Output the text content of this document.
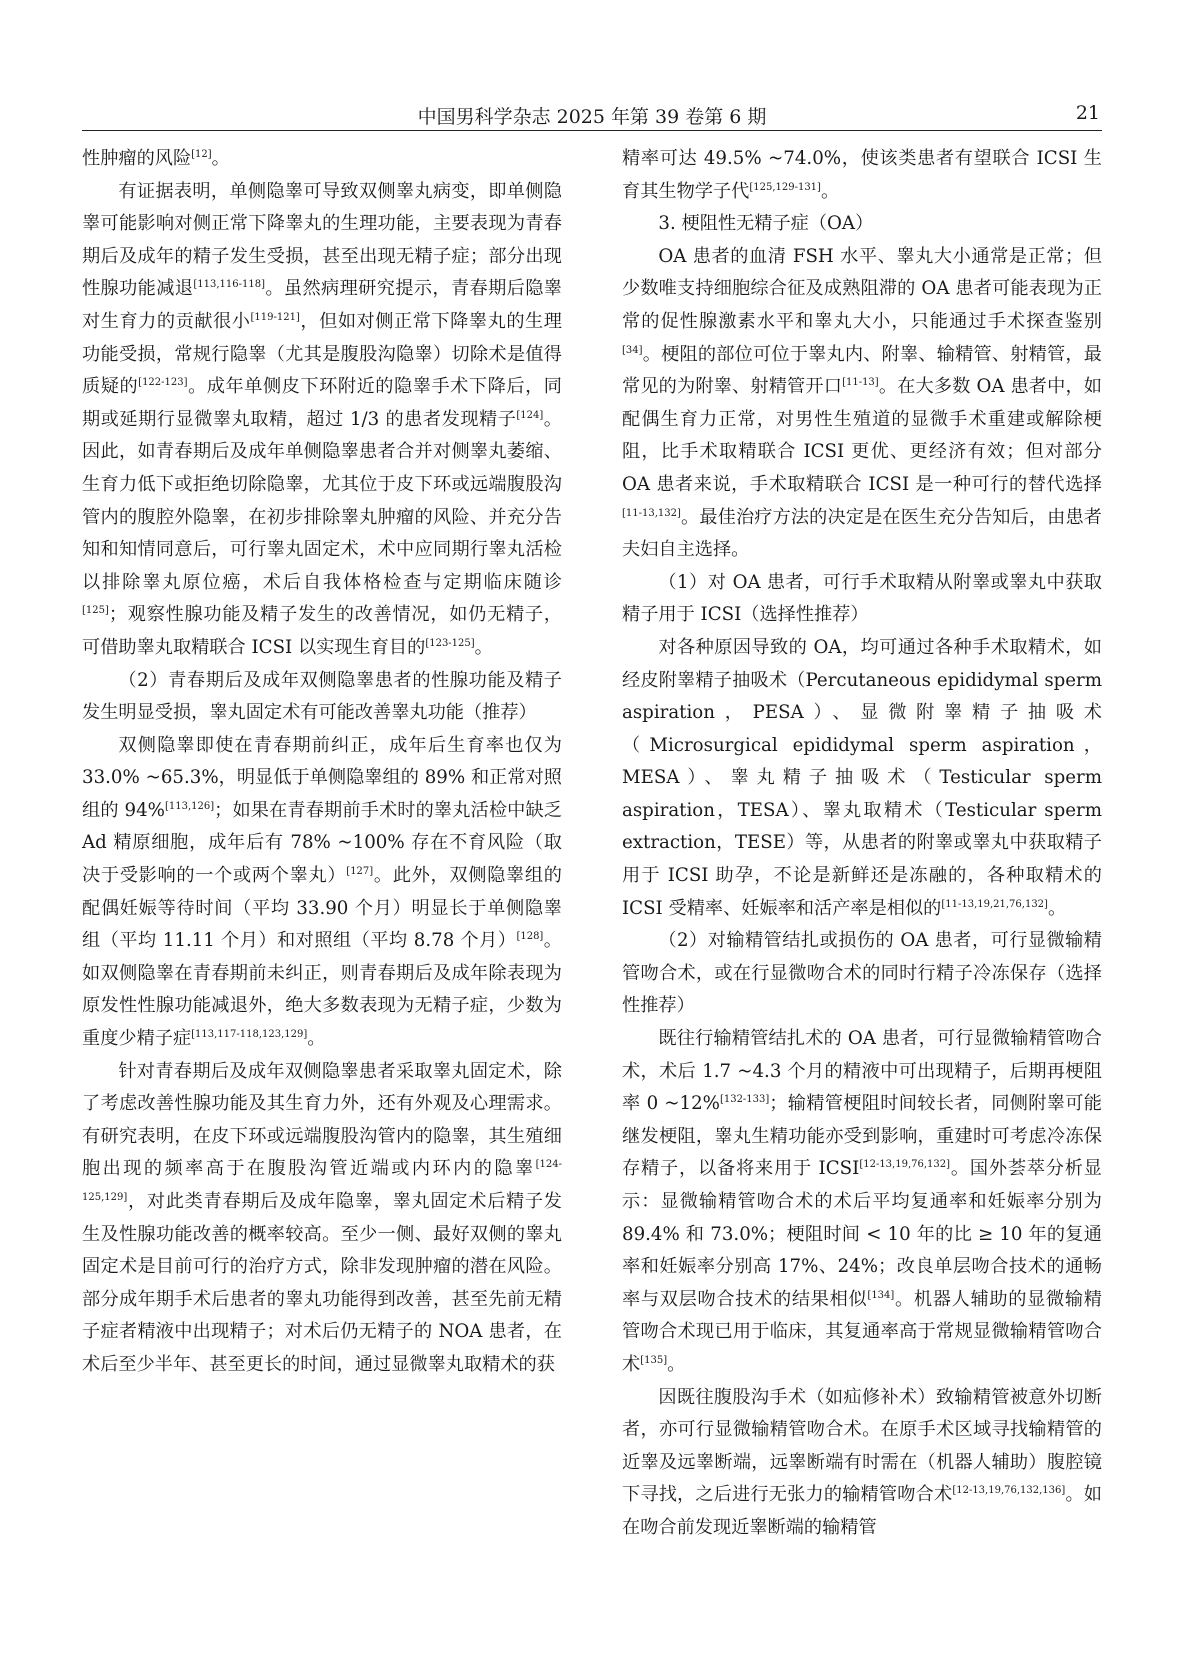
中国男科学杂志 2025 年第 39 卷第 6 期	21

性肿瘤的风险[12]。

有证据表明，单侧隐睾可导致双侧睾丸病变，即单侧隐睾可能影响对侧正常下降睾丸的生理功能，主要表现为青春期后及成年的精子发生受损，甚至出现无精子症；部分出现性腺功能减退[113,116-118]。虽然病理研究提示，青春期后隐睾对生育力的贡献很小[119-121]，但如对侧正常下降睾丸的生理功能受损，常规行隐睾（尤其是腹股沟隐睾）切除术是值得质疑的[122-123]。成年单侧皮下环附近的隐睾手术下降后，同期或延期行显微睾丸取精，超过 1/3 的患者发现精子[124]。因此，如青春期后及成年单侧隐睾患者合并对侧睾丸萎缩、生育力低下或拒绝切除隐睾，尤其位于皮下环或远端腹股沟管内的腹腔外隐睾，在初步排除睾丸肿瘤的风险、并充分告知和知情同意后，可行睾丸固定术，术中应同期行睾丸活检以排除睾丸原位癌，术后自我体格检查与定期临床随诊[125]；观察性腺功能及精子发生的改善情况，如仍无精子，可借助睾丸取精联合 ICSI 以实现生育目的[123-125]。

（2）青春期后及成年双侧隐睾患者的性腺功能及精子发生明显受损，睾丸固定术有可能改善睾丸功能（推荐）

双侧隐睾即使在青春期前纠正，成年后生育率也仅为 33.0% ~65.3%，明显低于单侧隐睾组的 89% 和正常对照组的 94%[113,126]；如果在青春期前手术时的睾丸活检中缺乏 Ad 精原细胞，成年后有 78% ~100% 存在不育风险（取决于受影响的一个或两个睾丸）[127]。此外，双侧隐睾组的配偶妊娠等待时间（平均 33.90 个月）明显长于单侧隐睾组（平均 11.11 个月）和对照组（平均 8.78 个月）[128]。如双侧隐睾在青春期前未纠正，则青春期后及成年除表现为原发性性腺功能减退外，绝大多数表现为无精子症，少数为重度少精子症[113,117-118,123,129]。

针对青春期后及成年双侧隐睾患者采取睾丸固定术，除了考虑改善性腺功能及其生育力外，还有外观及心理需求。有研究表明，在皮下环或远端腹股沟管内的隐睾，其生殖细胞出现的频率高于在腹股沟管近端或内环内的隐睾[124-125,129]，对此类青春期后及成年隐睾，睾丸固定术后精子发生及性腺功能改善的概率较高。至少一侧、最好双侧的睾丸固定术是目前可行的治疗方式，除非发现肿瘤的潜在风险。部分成年期手术后患者的睾丸功能得到改善，甚至先前无精子症者精液中出现精子；对术后仍无精子的 NOA 患者，在术后至少半年、甚至更长的时间，通过显微睾丸取精术的获

精率可达 49.5% ~74.0%，使该类患者有望联合 ICSI 生育其生物学子代[125,129-131]。

3. 梗阻性无精子症（OA）

OA 患者的血清 FSH 水平、睾丸大小通常是正常；但少数唯支持细胞综合征及成熟阻滞的 OA 患者可能表现为正常的促性腺激素水平和睾丸大小，只能通过手术探查鉴别[34]。梗阻的部位可位于睾丸内、附睾、输精管、射精管，最常见的为附睾、射精管开口[11-13]。在大多数 OA 患者中，如配偶生育力正常，对男性生殖道的显微手术重建或解除梗阻，比手术取精联合 ICSI 更优、更经济有效；但对部分 OA 患者来说，手术取精联合 ICSI 是一种可行的替代选择[11-13,132]。最佳治疗方法的决定是在医生充分告知后，由患者夫妇自主选择。

（1）对 OA 患者，可行手术取精从附睾或睾丸中获取精子用于 ICSI（选择性推荐）

对各种原因导致的 OA，均可通过各种手术取精术，如经皮附睾精子抽吸术（Percutaneous epididymal sperm aspiration，PESA）、显微附睾精子抽吸术（Microsurgical epididymal sperm aspiration，MESA）、睾丸精子抽吸术（Testicular sperm aspiration，TESA）、睾丸取精术（Testicular sperm extraction，TESE）等，从患者的附睾或睾丸中获取精子用于 ICSI 助孕，不论是新鲜还是冻融的，各种取精术的 ICSI 受精率、妊娠率和活产率是相似的[11-13,19,21,76,132]。

（2）对输精管结扎或损伤的 OA 患者，可行显微输精管吻合术，或在行显微吻合术的同时行精子冷冻保存（选择性推荐）

既往行输精管结扎术的 OA 患者，可行显微输精管吻合术，术后 1.7 ~4.3 个月的精液中可出现精子，后期再梗阻率 0 ~12%[132-133]；输精管梗阻时间较长者，同侧附睾可能继发梗阻，睾丸生精功能亦受到影响，重建时可考虑冷冻保存精子，以备将来用于 ICSI[12-13,19,76,132]。国外荟萃分析显示：显微输精管吻合术的术后平均复通率和妊娠率分别为 89.4% 和 73.0%；梗阻时间 < 10 年的比 ≥ 10 年的复通率和妊娠率分别高 17%、24%；改良单层吻合技术的通畅率与双层吻合技术的结果相似[134]。机器人辅助的显微输精管吻合术现已用于临床，其复通率高于常规显微输精管吻合术[135]。

因既往腹股沟手术（如疝修补术）致输精管被意外切断者，亦可行显微输精管吻合术。在原手术区域寻找输精管的近睾及远睾断端，远睾断端有时需在（机器人辅助）腹腔镜下寻找，之后进行无张力的输精管吻合术[12-13,19,76,132,136]。如在吻合前发现近睾断端的输精管
